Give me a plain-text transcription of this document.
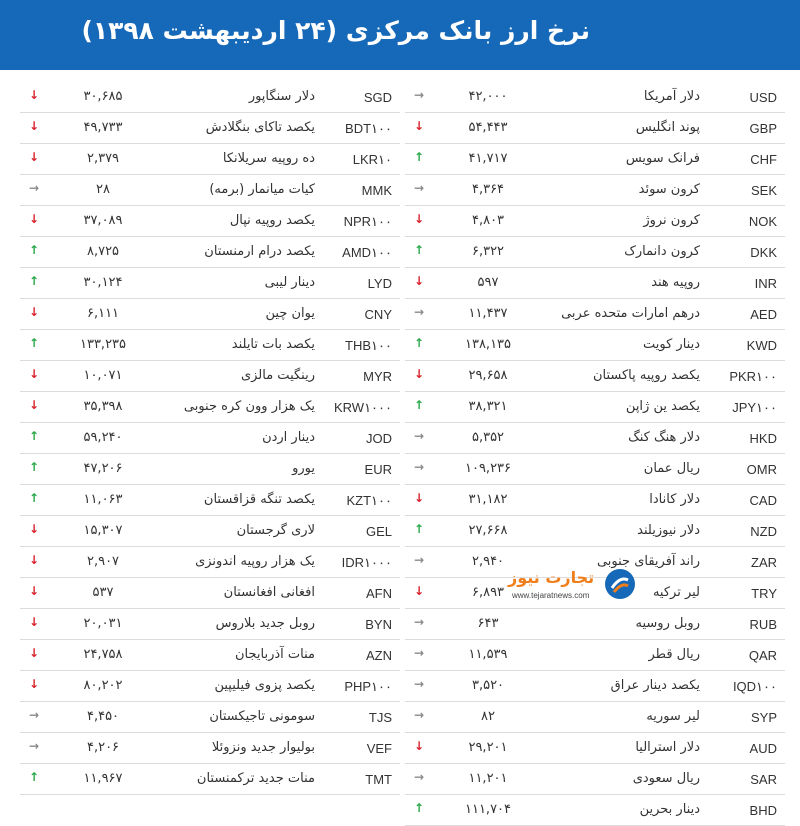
نرخ ارز بانک مرکزی (۲۴ اردیبهشت ۱۳۹۸)
USD
دلار آمریکا
۴۲,۰۰۰
→
GBP
پوند انگلیس
۵۴,۴۴۳
↓
CHF
فرانک سویس
۴۱,۷۱۷
↑
SEK
کرون سوئد
۴,۳۶۴
→
NOK
کرون نروژ
۴,۸۰۳
↓
DKK
کرون دانمارک
۶,۳۲۲
↑
INR
روپیه هند
۵۹۷
↓
AED
درهم امارات متحده عربی
۱۱,۴۳۷
→
KWD
دینار کویت
۱۳۸,۱۳۵
↑
PKR۱۰۰
یکصد روپیه پاکستان
۲۹,۶۵۸
↓
JPY۱۰۰
یکصد ین ژاپن
۳۸,۳۲۱
↑
HKD
دلار هنگ کنگ
۵,۳۵۲
→
OMR
ریال عمان
۱۰۹,۲۳۶
→
CAD
دلار کانادا
۳۱,۱۸۲
↓
NZD
دلار نیوزیلند
۲۷,۶۶۸
↑
ZAR
راند آفریقای جنوبی
۲,۹۴۰
→
TRY
لیر ترکیه
۶,۸۹۳
↓
RUB
روبل روسیه
۶۴۳
→
QAR
ریال قطر
۱۱,۵۳۹
→
IQD۱۰۰
یکصد دینار عراق
۳,۵۲۰
→
SYP
لیر سوریه
۸۲
→
AUD
دلار استرالیا
۲۹,۲۰۱
↓
SAR
ریال سعودی
۱۱,۲۰۱
→
BHD
دینار بحرین
۱۱۱,۷۰۴
↑
SGD
دلار سنگاپور
۳۰,۶۸۵
↓
BDT۱۰۰
یکصد تاکای بنگلادش
۴۹,۷۳۳
↓
LKR۱۰
ده روپیه سریلانکا
۲,۳۷۹
↓
MMK
کیات میانمار (برمه)
۲۸
→
NPR۱۰۰
یکصد روپیه نپال
۳۷,۰۸۹
↓
AMD۱۰۰
یکصد درام ارمنستان
۸,۷۲۵
↑
LYD
دینار لیبی
۳۰,۱۲۴
↑
CNY
یوان چین
۶,۱۱۱
↓
THB۱۰۰
یکصد بات تایلند
۱۳۳,۲۳۵
↑
MYR
رینگیت مالزی
۱۰,۰۷۱
↓
KRW۱۰۰۰
یک هزار وون کره جنوبی
۳۵,۳۹۸
↓
JOD
دینار اردن
۵۹,۲۴۰
↑
EUR
یورو
۴۷,۲۰۶
↑
KZT۱۰۰
یکصد تنگه قزاقستان
۱۱,۰۶۳
↑
GEL
لاری گرجستان
۱۵,۳۰۷
↓
IDR۱۰۰۰
یک هزار روپیه اندونزی
۲,۹۰۷
↓
AFN
افغانی افغانستان
۵۳۷
↓
BYN
روبل جدید بلاروس
۲۰,۰۳۱
↓
AZN
منات آذربایجان
۲۴,۷۵۸
↓
PHP۱۰۰
یکصد پزوی فیلیپین
۸۰,۲۰۲
↓
TJS
سومونی تاجیکستان
۴,۴۵۰
→
VEF
بولیوار جدید ونزوئلا
۴,۲۰۶
→
TMT
منات جدید ترکمنستان
۱۱,۹۶۷
↑
تجارت نیوز
www.tejaratnews.com
